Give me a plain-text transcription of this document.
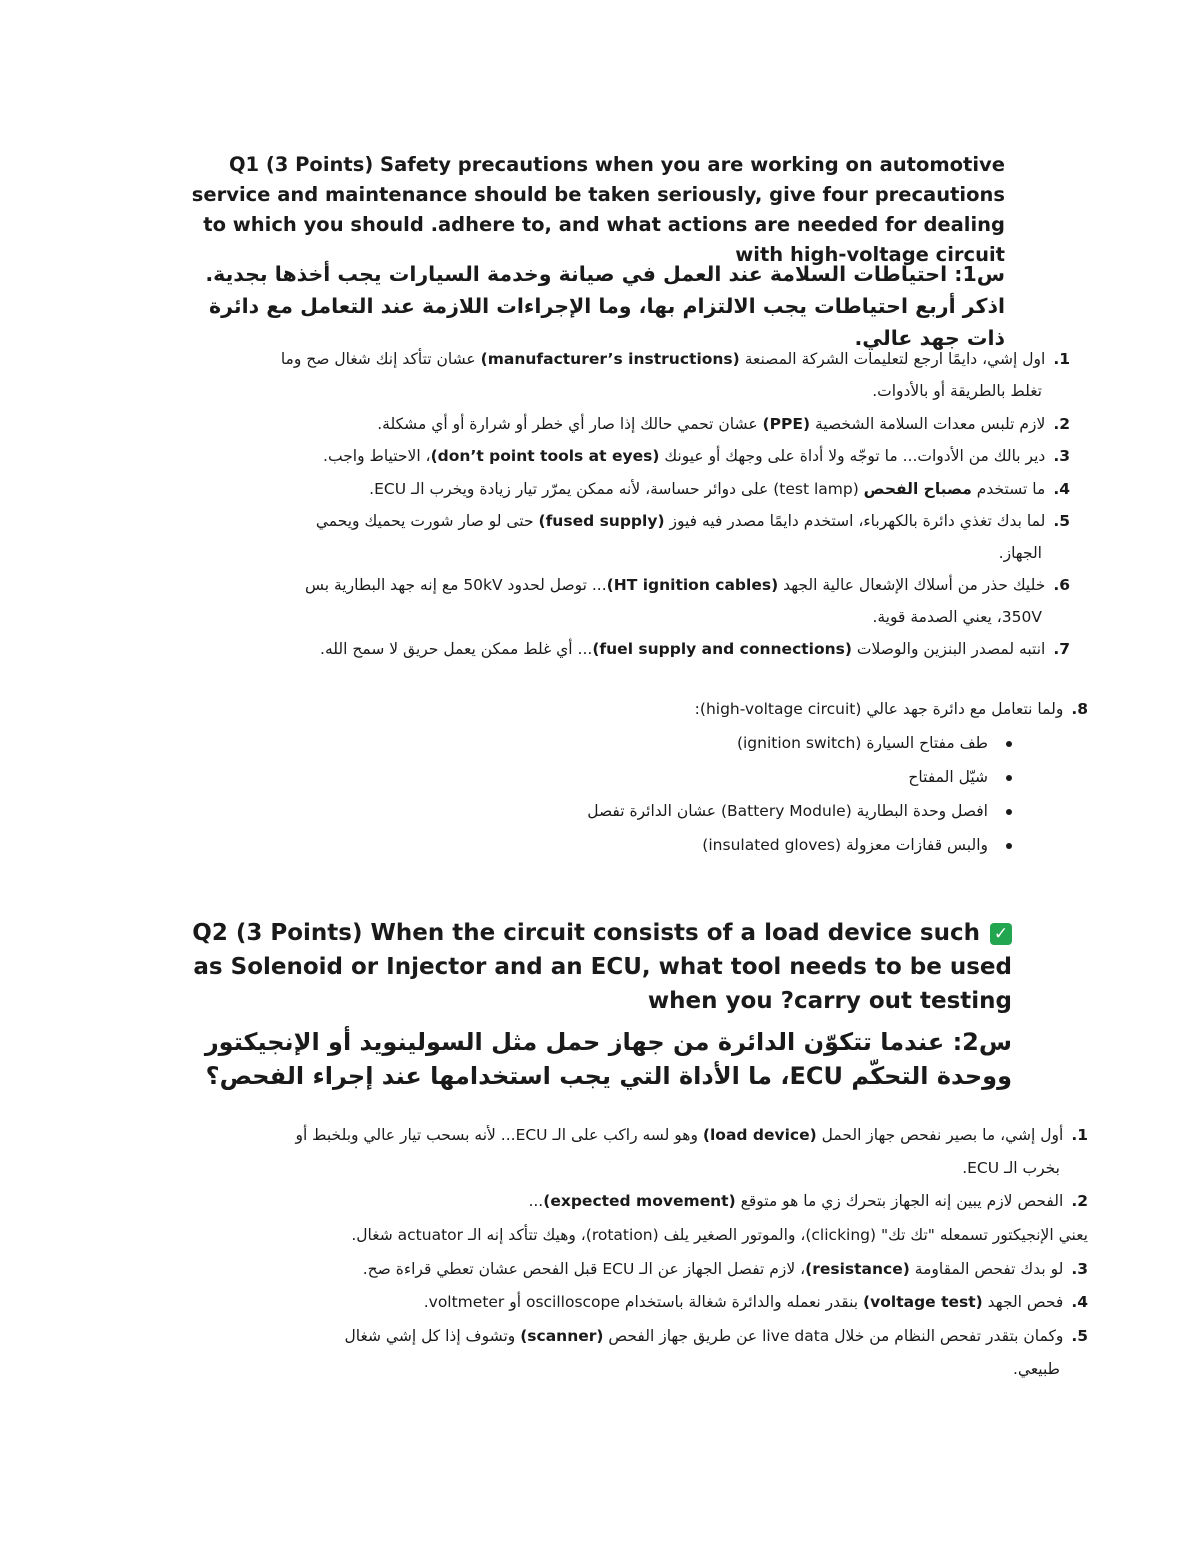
Q1 (3 Points) Safety precautions when you are working on automotive service and maintenance should be taken seriously, give four precautions to which you should .adhere to, and what actions are needed for dealing with high-voltage circuit
س1: احتياطات السلامة عند العمل في صيانة وخدمة السيارات يجب أخذها بجدية. اذكر أربع احتياطات يجب الالتزام بها، وما الإجراءات اللازمة عند التعامل مع دائرة ذات جهد عالي.
1.اول إشي، دايمًا ارجع لتعليمات الشركة المصنعة (manufacturer’s instructions) عشان تتأكد إنك شغال صح وما
تغلط بالطريقة أو بالأدوات.
2.لازم تلبس معدات السلامة الشخصية (PPE) عشان تحمي حالك إذا صار أي خطر أو شرارة أو أي مشكلة.
3.دير بالك من الأدوات... ما توجّه ولا أداة على وجهك أو عيونك (don’t point tools at eyes)، الاحتياط واجب.
4.ما تستخدم مصباح الفحص (test lamp) على دوائر حساسة، لأنه ممكن يمرّر تيار زيادة ويخرب الـ ECU.
5.لما بدك تغذي دائرة بالكهرباء، استخدم دايمًا مصدر فيه فيوز (fused supply) حتى لو صار شورت يحميك ويحمي
الجهاز.
6.خليك حذر من أسلاك الإشعال عالية الجهد (HT ignition cables)... توصل لحدود 50kV مع إنه جهد البطارية بس
350V، يعني الصدمة قوية.
7.انتبه لمصدر البنزين والوصلات (fuel supply and connections)... أي غلط ممكن يعمل حريق لا سمح الله.
8.ولما نتعامل مع دائرة جهد عالي (high-voltage circuit):
طف مفتاح السيارة (ignition switch)
شيّل المفتاح
افصل وحدة البطارية (Battery Module) عشان الدائرة تفصل
والبس قفازات معزولة (insulated gloves)
✓Q2 (3 Points) When the circuit consists of a load device such as Solenoid or Injector and an ECU, what tool needs to be used when you ?carry out testing
س2: عندما تتكوّن الدائرة من جهاز حمل مثل السولينويد أو الإنجيكتور ووحدة التحكّم ECU، ما الأداة التي يجب استخدامها عند إجراء الفحص؟
1.أول إشي، ما بصير نفحص جهاز الحمل (load device) وهو لسه راكب على الـ ECU... لأنه بسحب تيار عالي وبلخبط أو
بخرب الـ ECU.
2.الفحص لازم يبين إنه الجهاز بتحرك زي ما هو متوقع (expected movement)...
يعني الإنجيكتور تسمعله "تك تك" (clicking)، والموتور الصغير يلف (rotation)، وهيك تتأكد إنه الـ actuator شغال.
3.لو بدك تفحص المقاومة (resistance)، لازم تفصل الجهاز عن الـ ECU قبل الفحص عشان تعطي قراءة صح.
4.فحص الجهد (voltage test) بنقدر نعمله والدائرة شغالة باستخدام oscilloscope أو voltmeter.
5.وكمان بتقدر تفحص النظام من خلال live data عن طريق جهاز الفحص (scanner) وتشوف إذا كل إشي شغال
طبيعي.
